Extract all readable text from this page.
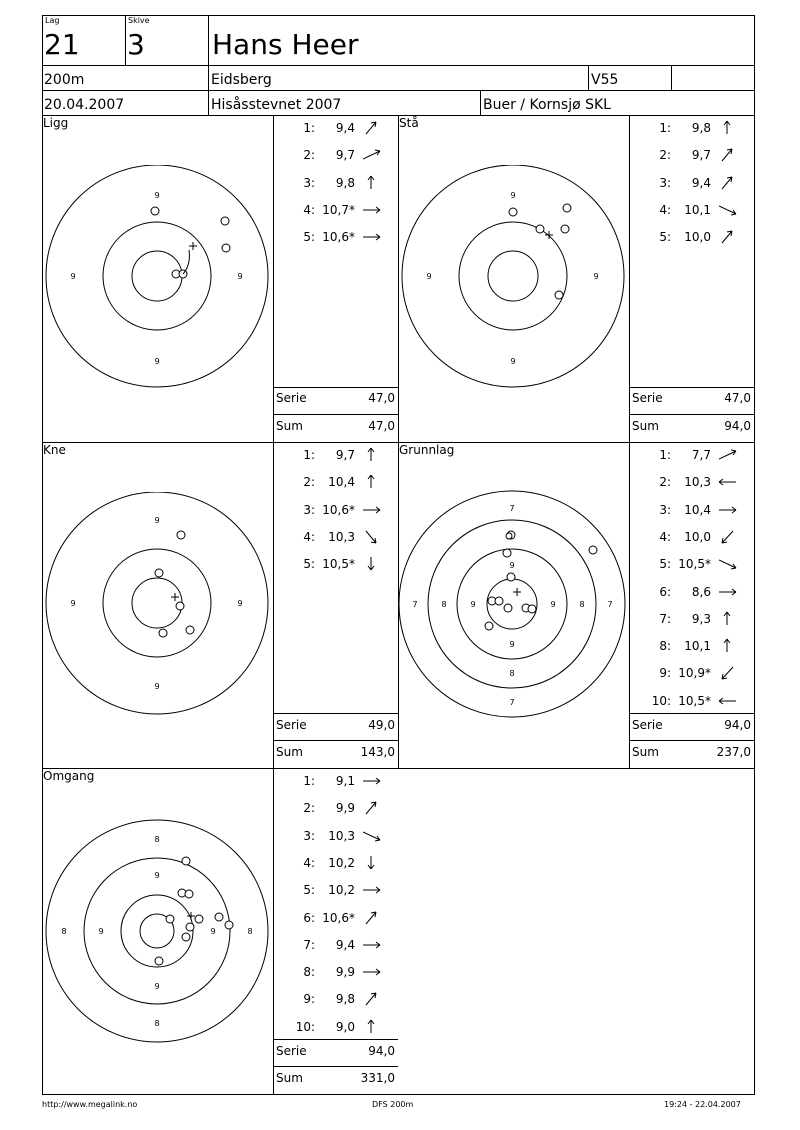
Lag
21
Skive
3 Hans Heer
200m	Eidsberg	V55
20.04.2007	Hisåsstevnet 2007	Buer / Kornsjø SKL
Ligg
9
9
9	9
Stå
9
9
9	9
Kne
9
9
9	9
Grunnlag
7
9
9
8
7
7	8	9	9	8	7
Omgang
8
9
8
9
9
8	9	8
1:	9,4
2:	9,7
3:	9,8
4: 10,7*
5: 10,6*
Serie	47,0
Sum	47,0
1:	9,8
2:	9,7
3:	9,4
4:	10,1
5:	10,0
Serie	47,0
Sum	94,0
1:	9,7
2:	10,4
3: 10,6*
4:	10,3
5: 10,5*
Serie	49,0
Sum	143,0
1:	7,7
2:	10,3
3:	10,4
4:	10,0
5: 10,5*
6:	8,6
7:	9,3
8:	10,1
9: 10,9*
10: 10,5*
Serie	94,0
Sum	237,0
1:	9,1
2:	9,9
3:	10,3
4:	10,2
5:	10,2
6: 10,6*
7:	9,4
8:	9,9
9:	9,8
10:	9,0
Serie	94,0
Sum	331,0
http://www.megalink.no	DFS 200m	19:24 - 22.04.2007
